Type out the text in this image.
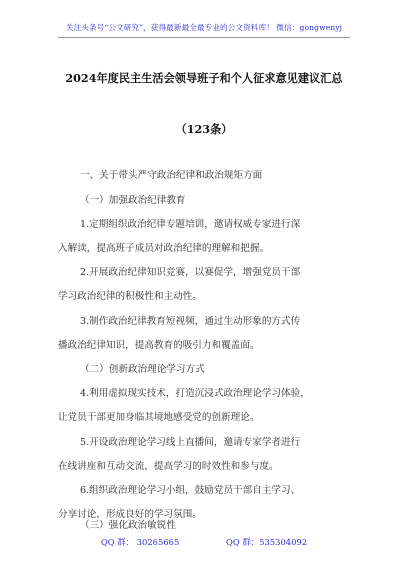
关注头条号“公文研究”，获得最新最全最专业的公文资料库！ 微信：gongwenyj
2024年度民主生活会领导班子和个人征求意见建议汇总
（123条）
一、关于带头严守政治纪律和政治规矩方面
（一）加强政治纪律教育
1.定期组织政治纪律专题培训，邀请权威专家进行深
入解读，提高班子成员对政治纪律的理解和把握。
2.开展政治纪律知识竞赛，以赛促学，增强党员干部
学习政治纪律的积极性和主动性。
3.制作政治纪律教育短视频，通过生动形象的方式传
播政治纪律知识，提高教育的吸引力和覆盖面。
（二）创新政治理论学习方式
4.利用虚拟现实技术，打造沉浸式政治理论学习体验，
让党员干部更加身临其境地感受党的创新理论。
5.开设政治理论学习线上直播间，邀请专家学者进行
在线讲座和互动交流，提高学习的时效性和参与度。
6.组织政治理论学习小组，鼓励党员干部自主学习、
分享讨论，形成良好的学习氛围。
（三）强化政治敏锐性
QQ 群： 30265665	QQ 群：535304092
